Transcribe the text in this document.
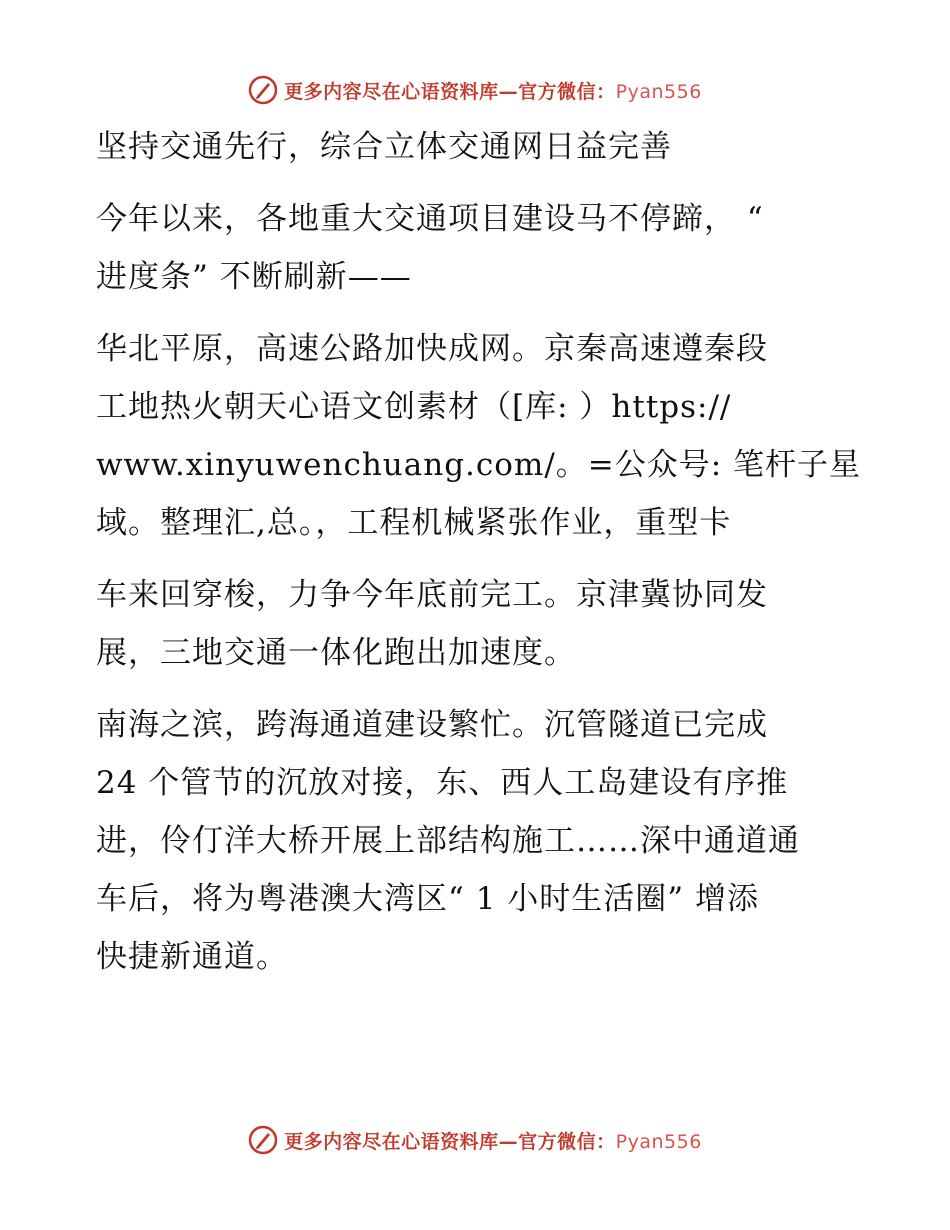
更多内容尽在心语资料库—官方微信：Pyan556
坚持交通先行，综合立体交通网日益完善
今年以来，各地重大交通项目建设马不停蹄， “
进度条” 不断刷新——
华北平原，高速公路加快成网。京秦高速遵秦段
工地热火朝天心语文创素材（[库: ）https://
www.xinyuwenchuang.com/。=公众号: 笔杆子星
域。整理汇,总。，工程机械紧张作业，重型卡
车来回穿梭，力争今年底前完工。京津冀协同发
展，三地交通一体化跑出加速度。
南海之滨，跨海通道建设繁忙。沉管隧道已完成
24 个管节的沉放对接，东、西人工岛建设有序推
进，伶仃洋大桥开展上部结构施工……深中通道通
车后，将为粤港澳大湾区“ 1 小时生活圈” 增添
快捷新通道。
更多内容尽在心语资料库—官方微信：Pyan556
